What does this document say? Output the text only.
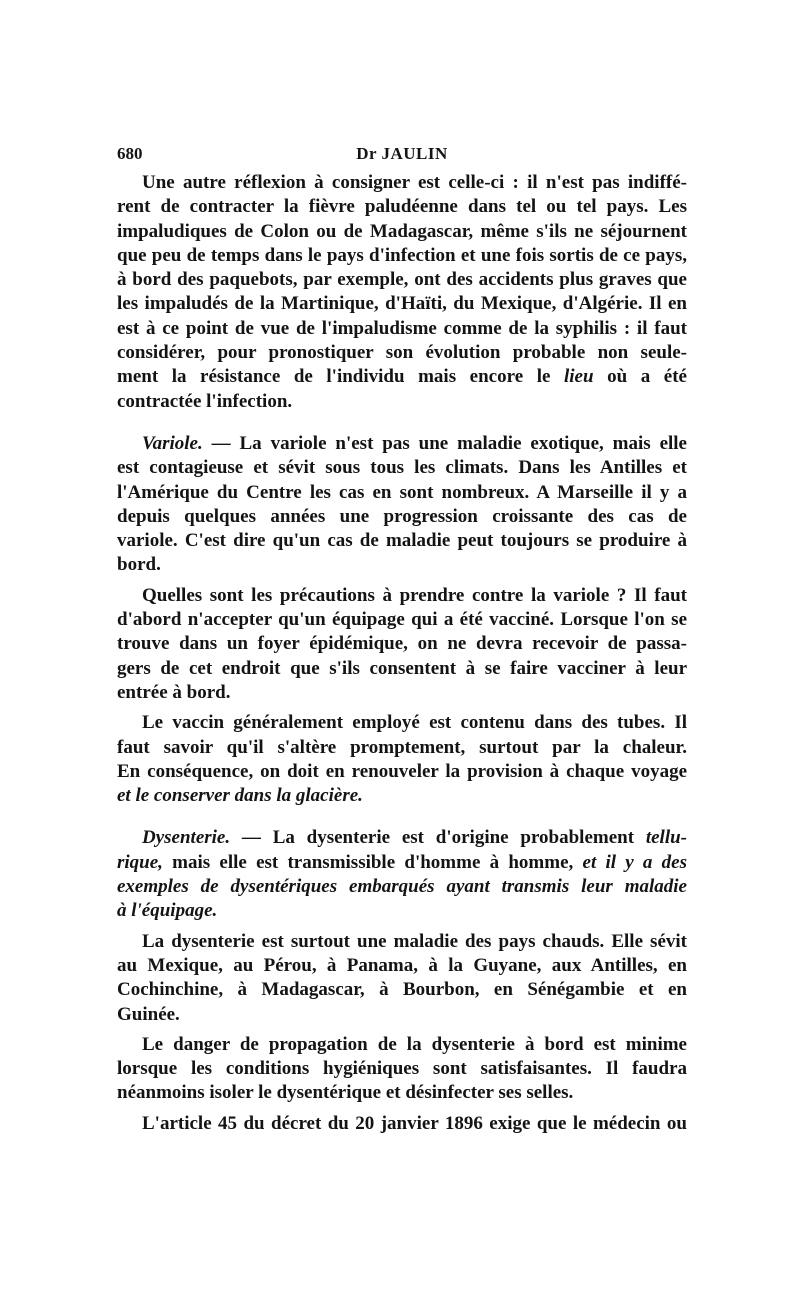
680	Dr JAULIN
Une autre réflexion à consigner est celle-ci : il n'est pas indiffé-
rent de contracter la fièvre paludéenne dans tel ou tel pays. Les
impaludiques de Colon ou de Madagascar, même s'ils ne séjournent
que peu de temps dans le pays d'infection et une fois sortis de ce pays,
à bord des paquebots, par exemple, ont des accidents plus graves que
les impaludés de la Martinique, d'Haïti, du Mexique, d'Algérie. Il en
est à ce point de vue de l'impaludisme comme de la syphilis : il faut
considérer, pour pronostiquer son évolution probable non seule-
ment la résistance de l'individu mais encore le lieu où a été
contractée l'infection.
Variole. — La variole n'est pas une maladie exotique, mais elle
est contagieuse et sévit sous tous les climats. Dans les Antilles et
l'Amérique du Centre les cas en sont nombreux. A Marseille il y a
depuis quelques années une progression croissante des cas de
variole. C'est dire qu'un cas de maladie peut toujours se produire à
bord.
Quelles sont les précautions à prendre contre la variole ? Il faut
d'abord n'accepter qu'un équipage qui a été vacciné. Lorsque l'on se
trouve dans un foyer épidémique, on ne devra recevoir de passa-
gers de cet endroit que s'ils consentent à se faire vacciner à leur
entrée à bord.
Le vaccin généralement employé est contenu dans des tubes. Il
faut savoir qu'il s'altère promptement, surtout par la chaleur.
En conséquence, on doit en renouveler la provision à chaque voyage
et le conserver dans la glacière.
Dysenterie. — La dysenterie est d'origine probablement tellu-
rique, mais elle est transmissible d'homme à homme, et il y a des
exemples de dysentériques embarqués ayant transmis leur maladie
à l'équipage.
La dysenterie est surtout une maladie des pays chauds. Elle sévit
au Mexique, au Pérou, à Panama, à la Guyane, aux Antilles, en
Cochinchine, à Madagascar, à Bourbon, en Sénégambie et en
Guinée.
Le danger de propagation de la dysenterie à bord est minime
lorsque les conditions hygiéniques sont satisfaisantes. Il faudra
néanmoins isoler le dysentérique et désinfecter ses selles.
L'article 45 du décret du 20 janvier 1896 exige que le médecin ou
